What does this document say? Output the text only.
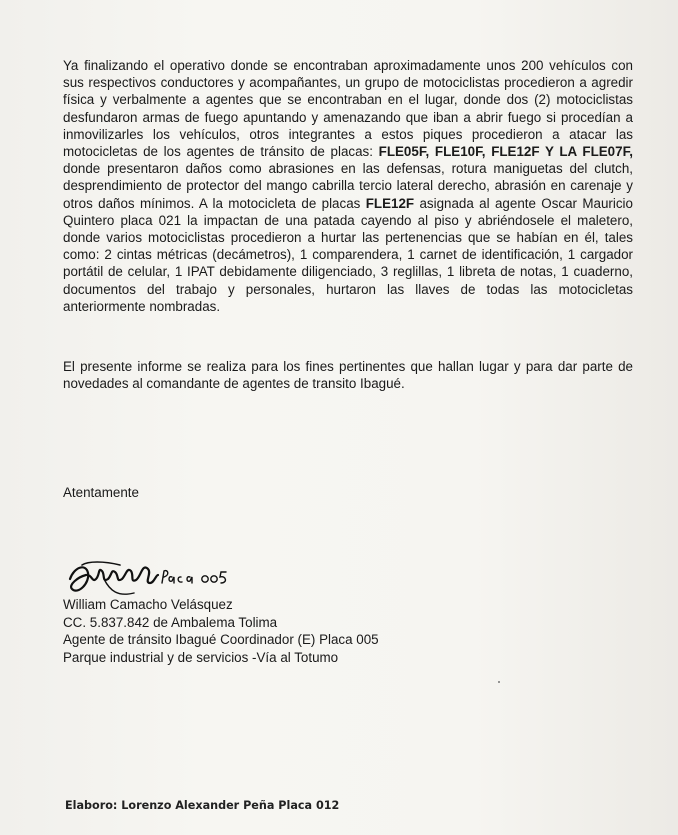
Ya finalizando el operativo donde se encontraban aproximadamente unos 200 vehículos con sus respectivos conductores y acompañantes, un grupo de motociclistas procedieron a agredir física y verbalmente a agentes que se encontraban en el lugar, donde dos (2) motociclistas desfundaron armas de fuego apuntando y amenazando que iban a abrir fuego si procedían a inmovilizarles los vehículos, otros integrantes a estos piques procedieron a atacar las motocicletas de los agentes de tránsito de placas: FLE05F, FLE10F, FLE12F Y LA FLE07F, donde presentaron daños como abrasiones en las defensas, rotura maniguetas del clutch, desprendimiento de protector del mango cabrilla tercio lateral derecho, abrasión en carenaje y otros daños mínimos. A la motocicleta de placas FLE12F asignada al agente Oscar Mauricio Quintero placa 021 la impactan de una patada cayendo al piso y abriéndosele el maletero, donde varios motociclistas procedieron a hurtar las pertenencias que se habían en él, tales como: 2 cintas métricas (decámetros), 1 comparendera, 1 carnet de identificación, 1 cargador portátil de celular, 1 IPAT debidamente diligenciado, 3 reglillas, 1 libreta de notas, 1 cuaderno, documentos del trabajo y personales, hurtaron las llaves de todas las motocicletas anteriormente nombradas.

El presente informe se realiza para los fines pertinentes que hallan lugar y para dar parte de novedades al comandante de agentes de transito Ibagué.

Atentamente
William Camacho Velásquez
CC. 5.837.842 de Ambalema Tolima
Agente de tránsito Ibagué Coordinador (E) Placa 005
Parque industrial y de servicios -Vía al Totumo
Elaboro: Lorenzo Alexander Peña Placa 012
